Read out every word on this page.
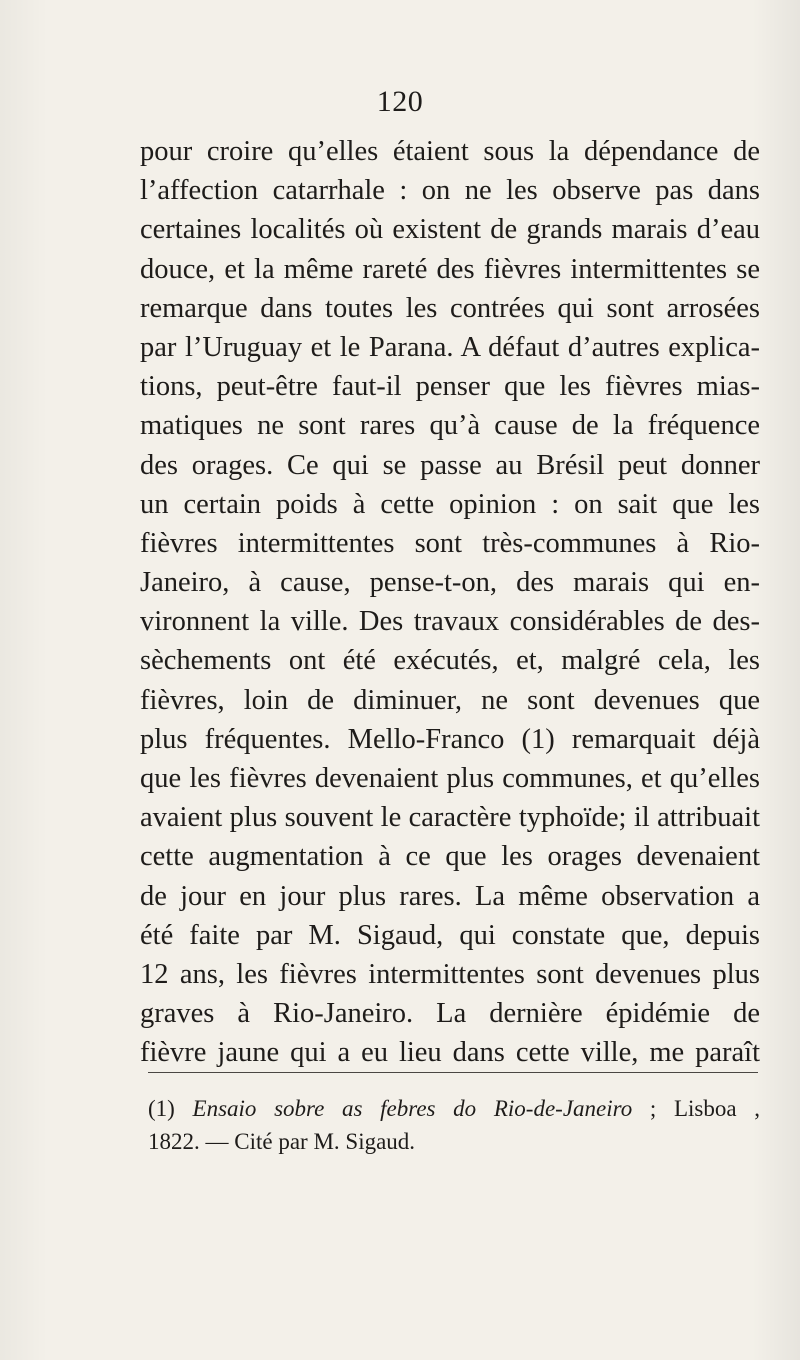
120
pour croire qu’elles étaient sous la dépendance de
l’affection catarrhale : on ne les observe pas dans
certaines localités où existent de grands marais d’eau
douce, et la même rareté des fièvres intermittentes se
remarque dans toutes les contrées qui sont arrosées
par l’Uruguay et le Parana. A défaut d’autres explica-
tions, peut-être faut-il penser que les fièvres mias-
matiques ne sont rares qu’à cause de la fréquence
des orages. Ce qui se passe au Brésil peut donner
un certain poids à cette opinion : on sait que les
fièvres intermittentes sont très-communes à Rio-
Janeiro, à cause, pense-t-on, des marais qui en-
vironnent la ville. Des travaux considérables de des-
sèchements ont été exécutés, et, malgré cela, les
fièvres, loin de diminuer, ne sont devenues que
plus fréquentes. Mello-Franco (1) remarquait déjà
que les fièvres devenaient plus communes, et qu’elles
avaient plus souvent le caractère typhoïde; il attribuait
cette augmentation à ce que les orages devenaient
de jour en jour plus rares. La même observation a
été faite par M. Sigaud, qui constate que, depuis
12 ans, les fièvres intermittentes sont devenues plus
graves à Rio-Janeiro. La dernière épidémie de
fièvre jaune qui a eu lieu dans cette ville, me paraît
(1) Ensaio sobre as febres do Rio-de-Janeiro ; Lisboa ,
1822. — Cité par M. Sigaud.
